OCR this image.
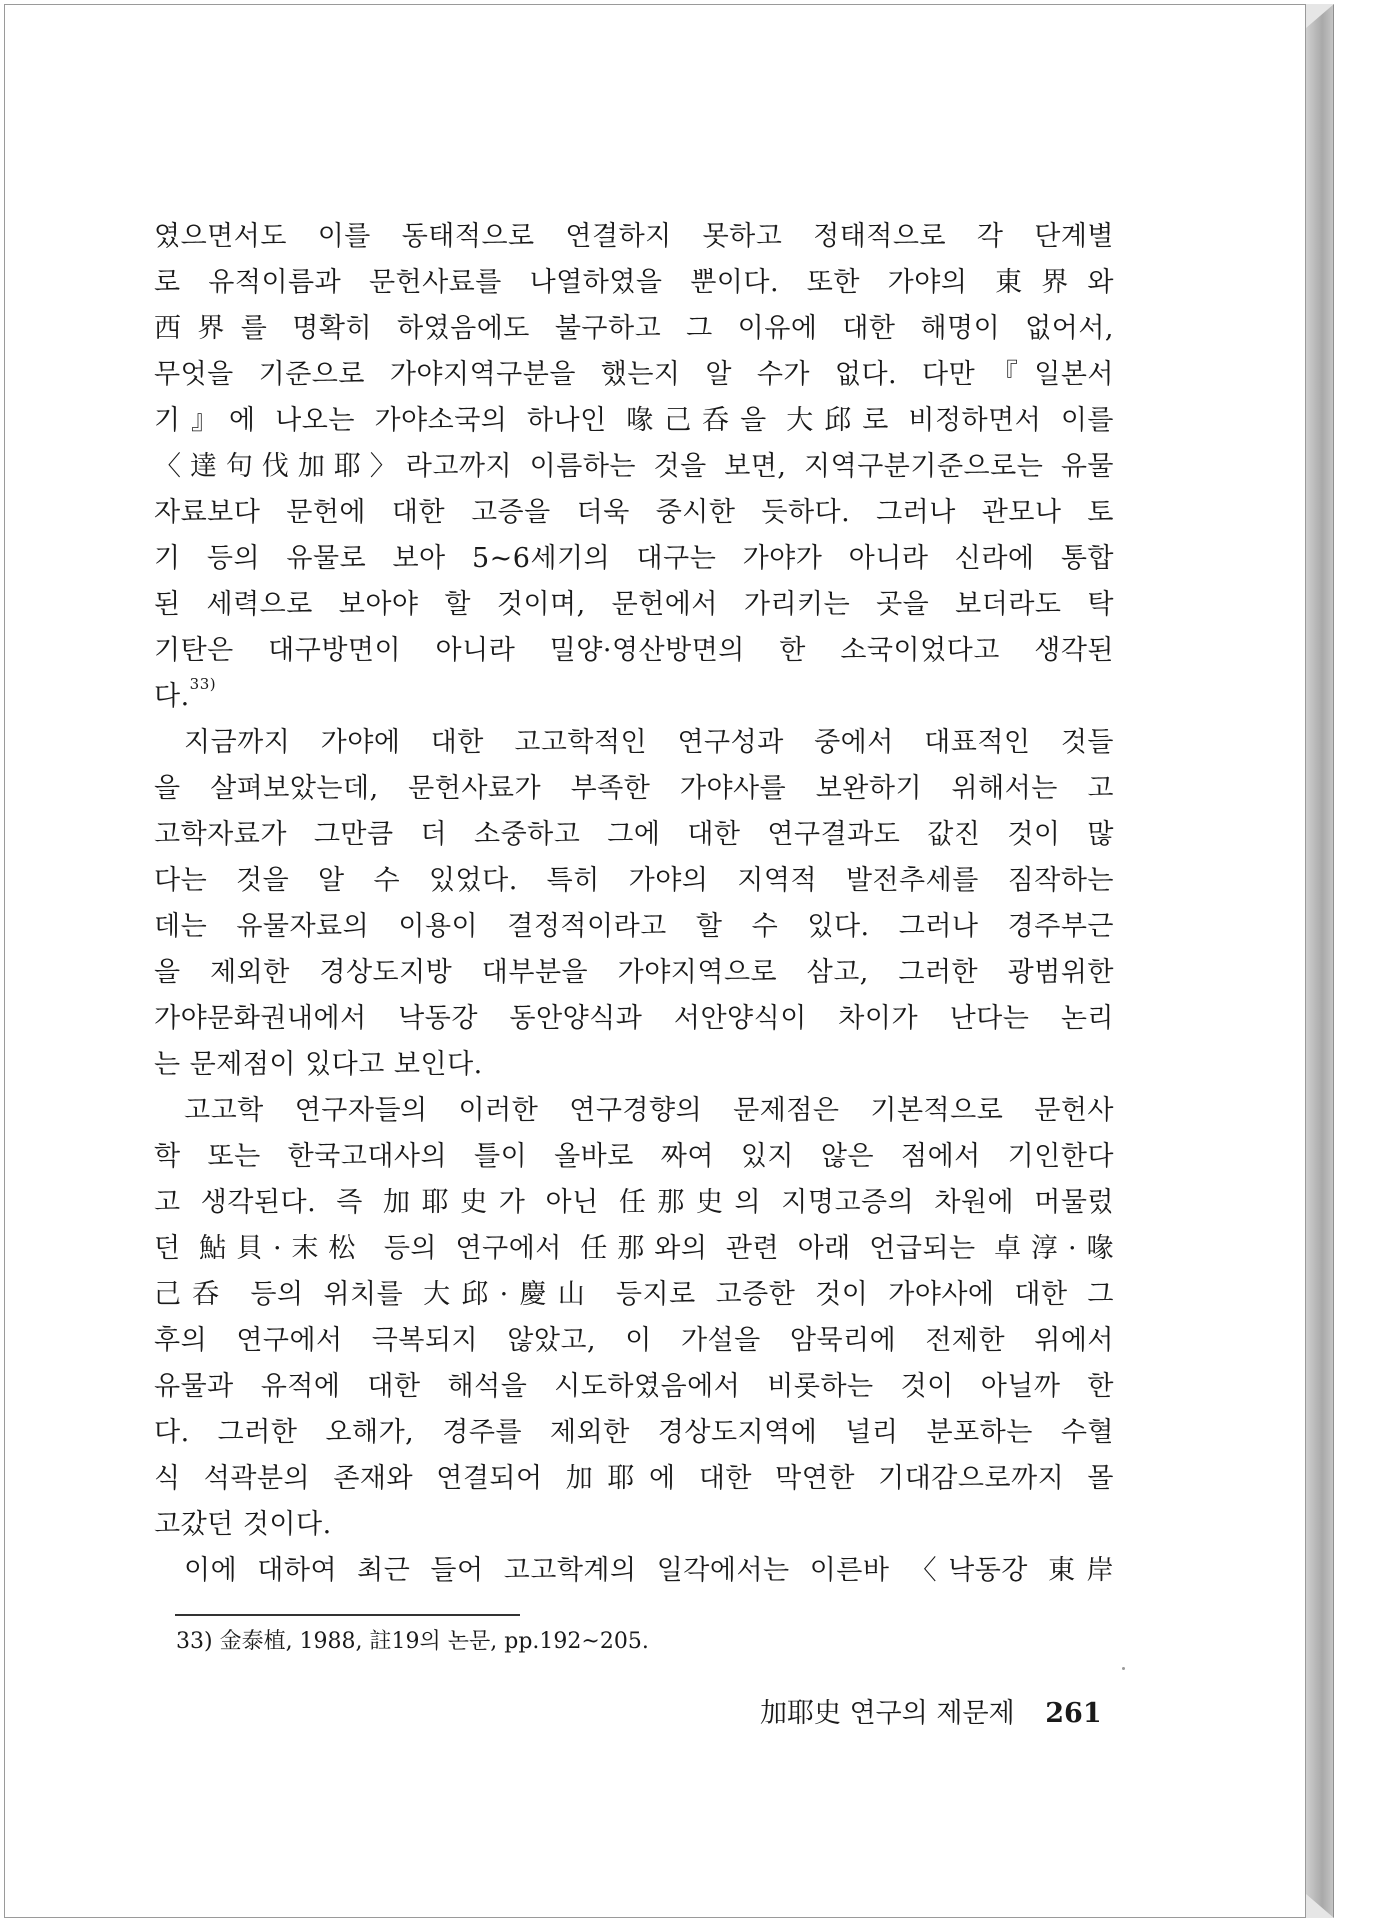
였으면서도 이를 동태적으로 연결하지 못하고 정태적으로 각 단계별
로 유적이름과 문헌사료를 나열하였을 뿐이다. 또한 가야의 東界와
西界를 명확히 하였음에도 불구하고 그 이유에 대한 해명이 없어서,
무엇을 기준으로 가야지역구분을 했는지 알 수가 없다. 다만『일본서
기』에 나오는 가야소국의 하나인 喙己呑을 大邱로 비정하면서 이를
〈達句伐加耶〉라고까지 이름하는 것을 보면, 지역구분기준으로는 유물
자료보다 문헌에 대한 고증을 더욱 중시한 듯하다. 그러나 관모나 토
기 등의 유물로 보아 5~6세기의 대구는 가야가 아니라 신라에 통합
된 세력으로 보아야 할 것이며, 문헌에서 가리키는 곳을 보더라도 탁
기탄은 대구방면이 아니라 밀양·영산방면의 한 소국이었다고 생각된
다.$^{33)}$
지금까지 가야에 대한 고고학적인 연구성과 중에서 대표적인 것들
을 살펴보았는데, 문헌사료가 부족한 가야사를 보완하기 위해서는 고
고학자료가 그만큼 더 소중하고 그에 대한 연구결과도 값진 것이 많
다는 것을 알 수 있었다. 특히 가야의 지역적 발전추세를 짐작하는
데는 유물자료의 이용이 결정적이라고 할 수 있다. 그러나 경주부근
을 제외한 경상도지방 대부분을 가야지역으로 삼고, 그러한 광범위한
가야문화권내에서 낙동강 동안양식과 서안양식이 차이가 난다는 논리
는 문제점이 있다고 보인다.
고고학 연구자들의 이러한 연구경향의 문제점은 기본적으로 문헌사
학 또는 한국고대사의 틀이 올바로 짜여 있지 않은 점에서 기인한다
고 생각된다. 즉 加耶史가 아닌 任那史의 지명고증의 차원에 머물렀
던 鮎貝·末松 등의 연구에서 任那와의 관련 아래 언급되는 卓淳·喙
己呑 등의 위치를 大邱·慶山 등지로 고증한 것이 가야사에 대한 그
후의 연구에서 극복되지 않았고, 이 가설을 암묵리에 전제한 위에서
유물과 유적에 대한 해석을 시도하였음에서 비롯하는 것이 아닐까 한
다. 그러한 오해가, 경주를 제외한 경상도지역에 널리 분포하는 수혈
식 석곽분의 존재와 연결되어 加耶에 대한 막연한 기대감으로까지 몰
고갔던 것이다.
이에 대하여 최근 들어 고고학계의 일각에서는 이른바 〈낙동강 東岸
33) 金泰植, 1988, 註19의 논문, pp.192~205.
加耶史 연구의 제문제 261
